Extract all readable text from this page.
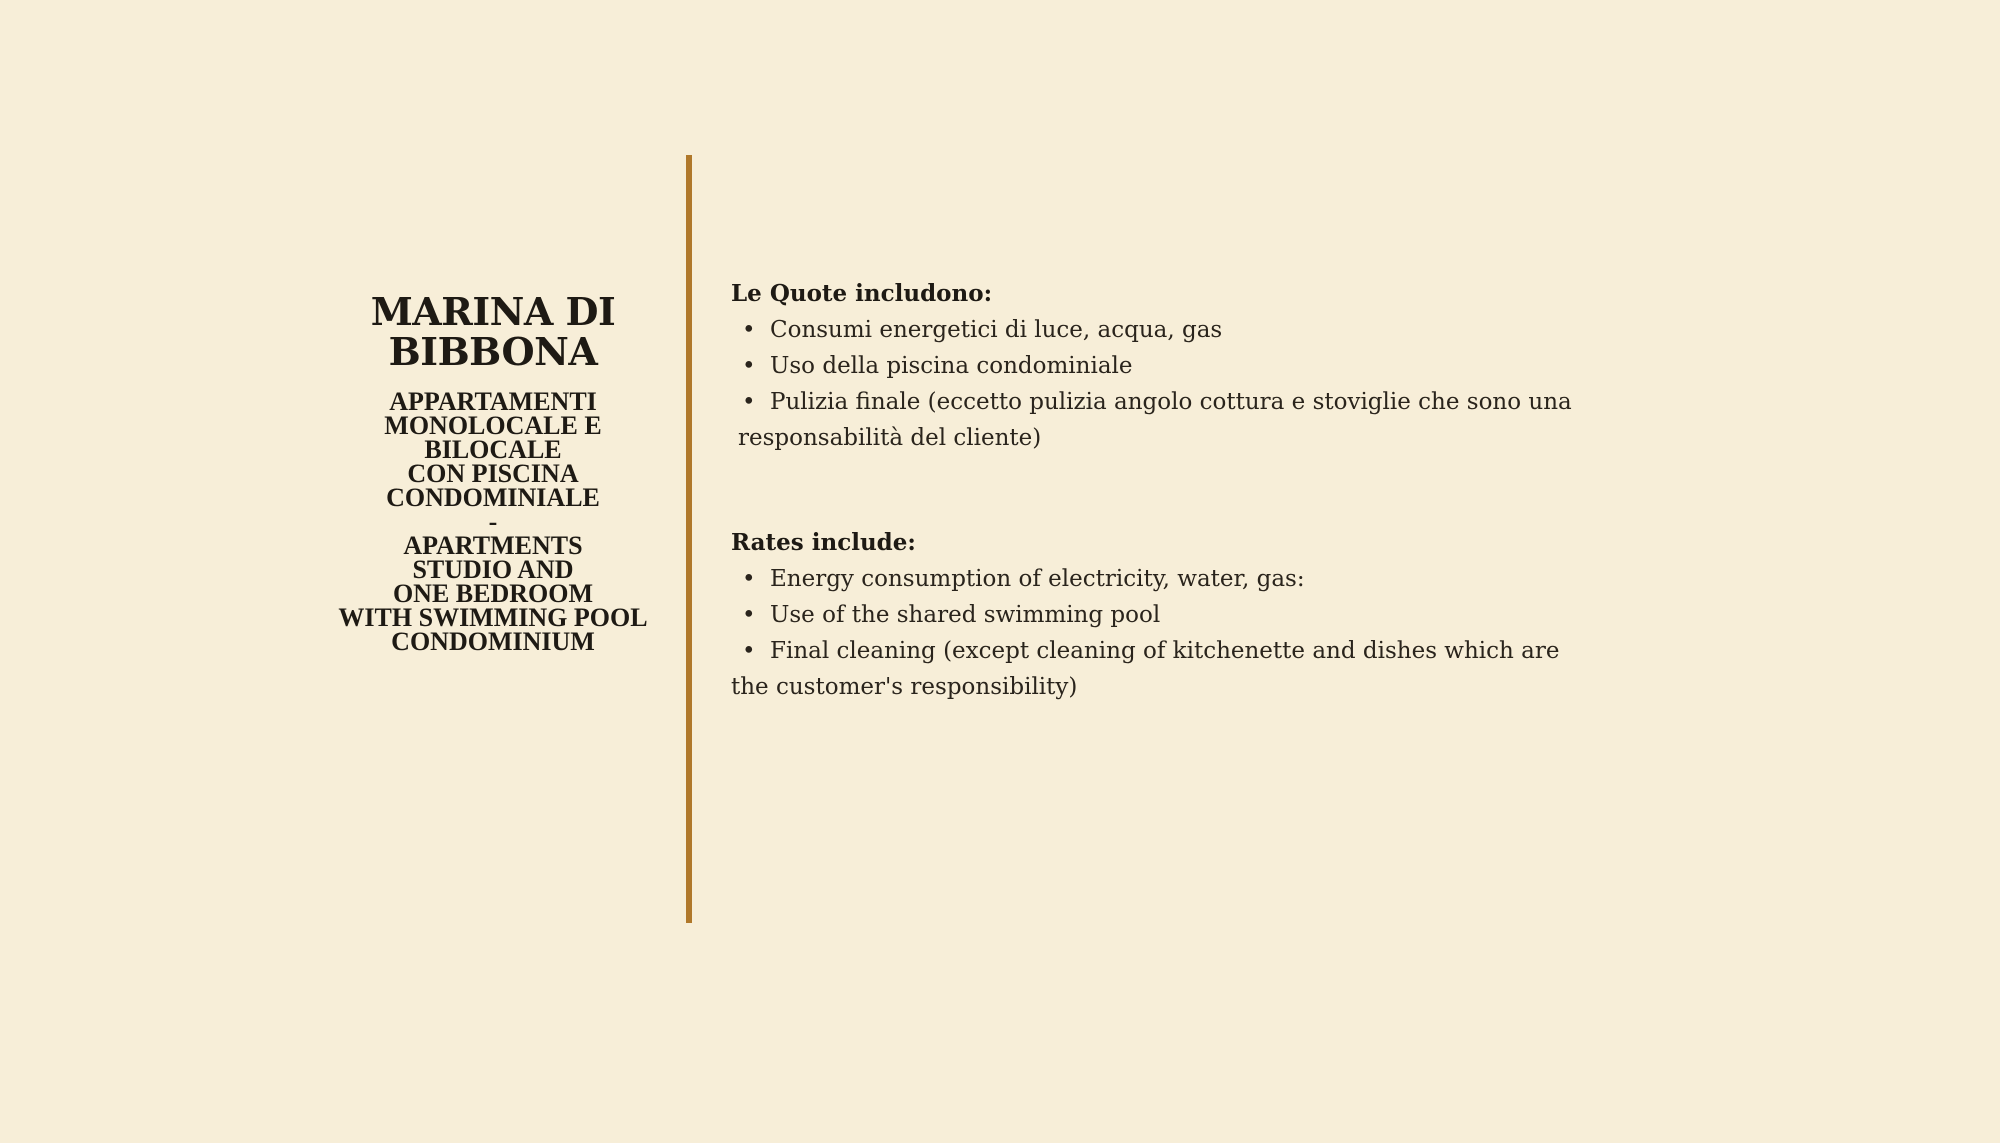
MARINA DI
BIBBONA
APPARTAMENTI
MONOLOCALE E
BILOCALE
CON PISCINA
CONDOMINIALE
-
APARTMENTS
STUDIO AND
ONE BEDROOM
WITH SWIMMING POOL
CONDOMINIUM
Le Quote includono:
• Consumi energetici di luce, acqua, gas
• Uso della piscina condominiale
• Pulizia finale (eccetto pulizia angolo cottura e stoviglie che sono una
responsabilità del cliente)
Rates include:
• Energy consumption of electricity, water, gas:
• Use of the shared swimming pool
• Final cleaning (except cleaning of kitchenette and dishes which are
the customer's responsibility)
